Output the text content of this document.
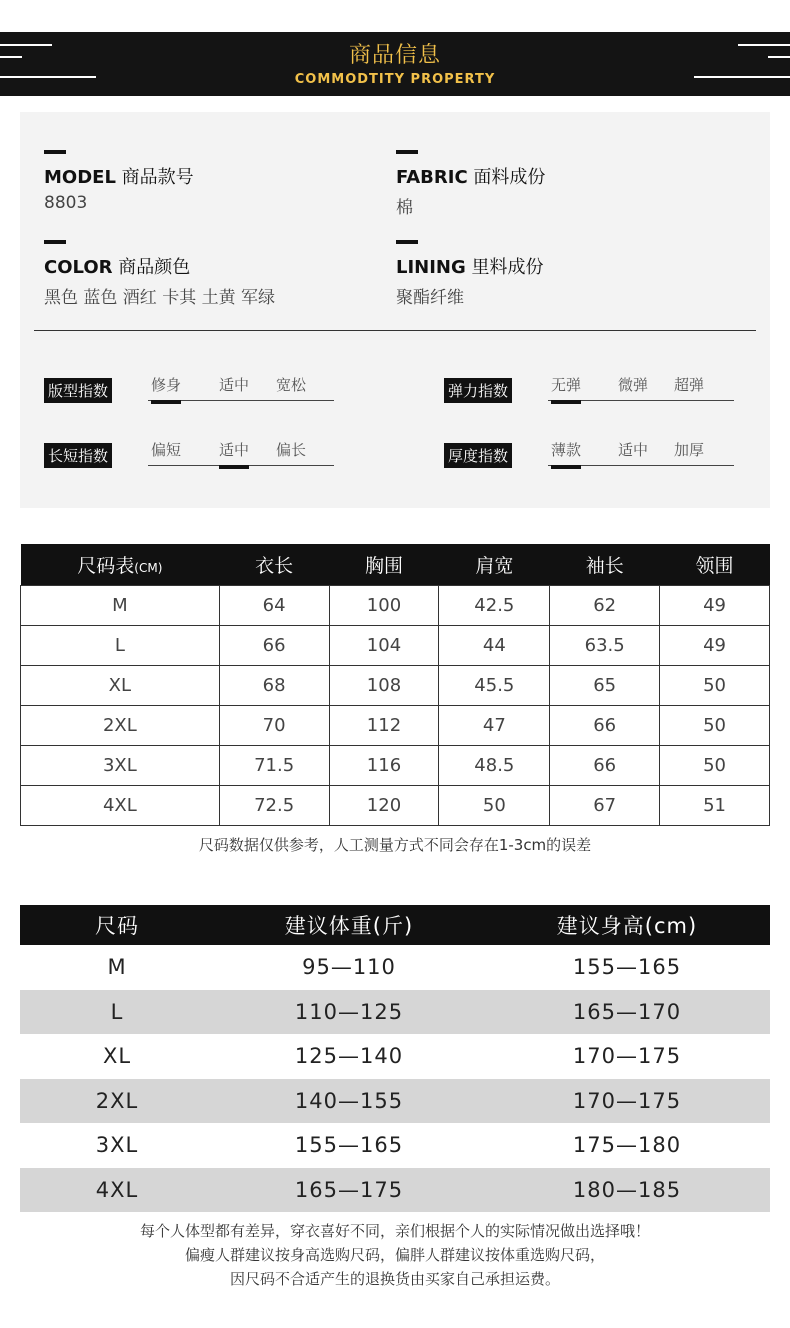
商品信息
COMMODTITY PROPERTY
MODEL 商品款号
8803
FABRIC 面料成份
棉
COLOR 商品颜色
黑色 蓝色 酒红 卡其 土黄 军绿
LINING 里料成份
聚酯纤维
版型指数	修身	适中 宽松	弹力指数	无弹 微弹 超弹
长短指数	偏短	适中 偏长	厚度指数	薄款 适中 加厚
尺码表(CM)	衣长	胸围	肩宽	袖长	领围
M	64	100	42.5	62	49
L	66	104	44	63.5	49
XL	68	108	45.5	65	50
2XL	70	112	47	66	50
3XL	71.5	116	48.5	66	50
4XL	72.5	120	50	67	51
尺码数据仅供参考，人工测量方式不同会存在1-3cm的误差
尺码	建议体重(斤)	建议身高(cm)
M	95—110	155—165
L	110—125	165—170
XL	125—140	170—175
2XL	140—155	170—175
3XL	155—165	175—180
4XL	165—175	180—185
每个人体型都有差异，穿衣喜好不同，亲们根据个人的实际情况做出选择哦！
偏瘦人群建议按身高选购尺码，偏胖人群建议按体重选购尺码，
因尺码不合适产生的退换货由买家自己承担运费。
